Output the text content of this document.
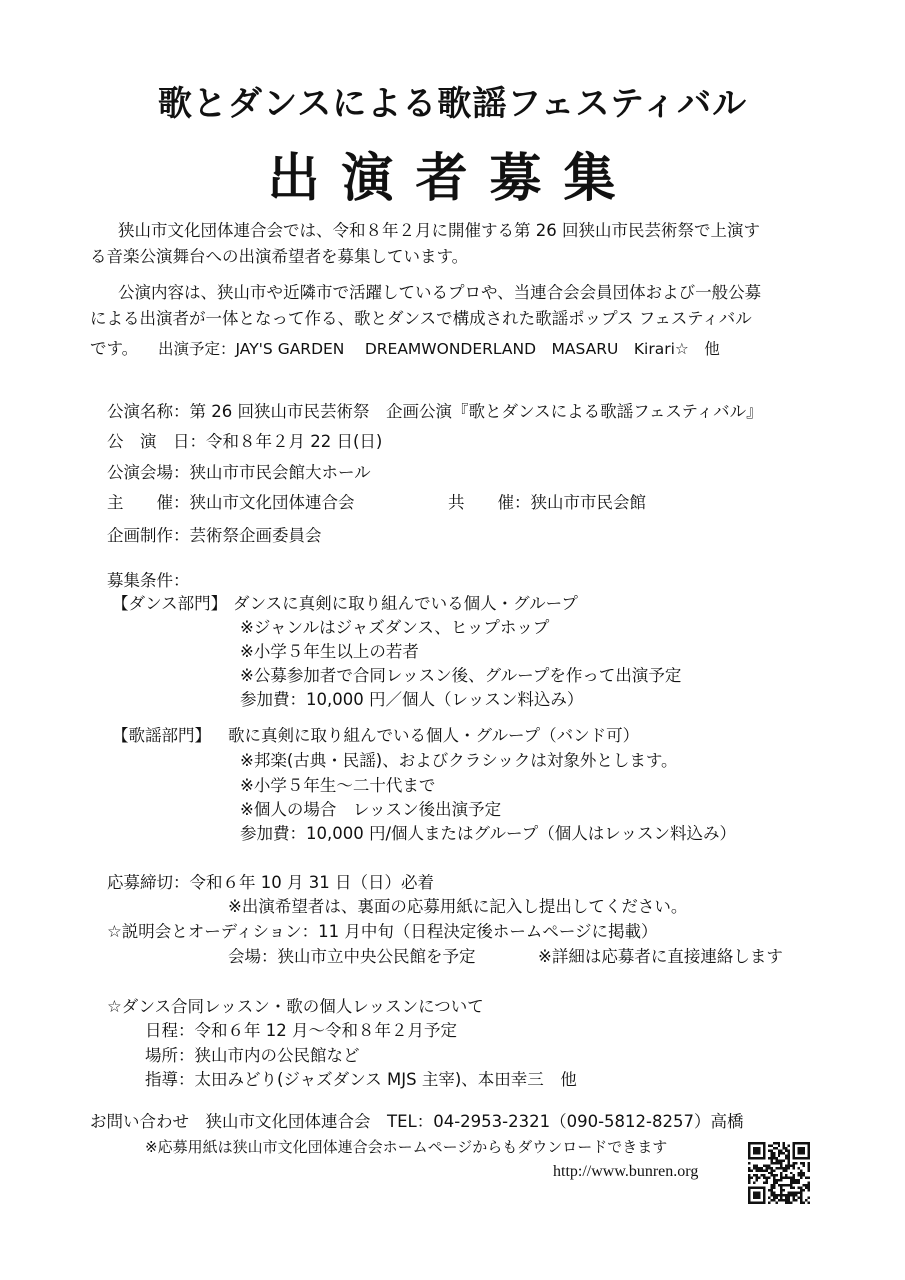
歌とダンスによる歌謡フェスティバル
出演者募集
狭山市文化団体連合会では、令和８年２月に開催する第 26 回狭山市民芸術祭で上演す
る音楽公演舞台への出演希望者を募集しています。
公演内容は、狭山市や近隣市で活躍しているプロや、当連合会会員団体および一般公募
による出演者が一体となって作る、歌とダンスで構成された歌謡ポップス フェスティバル
です。 出演予定：JAY'S GARDEN　 DREAMWONDERLAND　MASARU　Kirari☆　他
公演名称：第 26 回狭山市民芸術祭　企画公演『歌とダンスによる歌謡フェスティバル』
公　演　日：令和８年２月 22 日(日)
公演会場：狭山市市民会館大ホール
主　　催：狭山市文化団体連合会	共　　催：狭山市市民会館
企画制作：芸術祭企画委員会
募集条件：
【ダンス部門】 ダンスに真剣に取り組んでいる個人・グループ
※ジャンルはジャズダンス、ヒップホップ
※小学５年生以上の若者
※公募参加者で合同レッスン後、グループを作って出演予定
参加費：10,000 円／個人（レッスン料込み）
【歌謡部門】 歌に真剣に取り組んでいる個人・グループ（バンド可）
※邦楽(古典・民謡)、およびクラシックは対象外とします。
※小学５年生～二十代まで
※個人の場合　レッスン後出演予定
参加費：10,000 円/個人またはグループ（個人はレッスン料込み）
応募締切：令和６年 10 月 31 日（日）必着
※出演希望者は、裏面の応募用紙に記入し提出してください。
☆説明会とオーディション：11 月中旬（日程決定後ホームページに掲載）
会場：狭山市立中央公民館を予定	※詳細は応募者に直接連絡します
☆ダンス合同レッスン・歌の個人レッスンについて
日程：令和６年 12 月～令和８年２月予定
場所：狭山市内の公民館など
指導：太田みどり(ジャズダンス MJS 主宰)、本田幸三　他
お問い合わせ　狭山市文化団体連合会　TEL：04-2953-2321（090-5812-8257）高橋
※応募用紙は狭山市文化団体連合会ホームページからもダウンロードできます
http://www.bunren.org
